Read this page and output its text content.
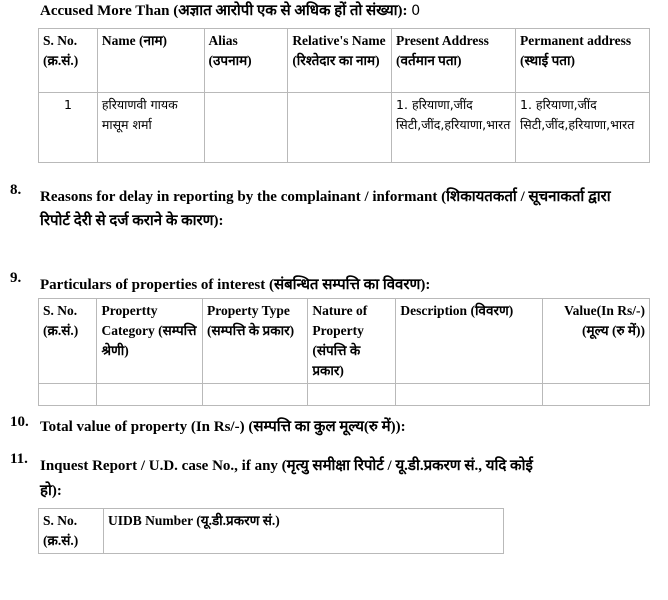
Accused More Than (अज्ञात आरोपी एक से अधिक हों तो संख्या): 0
S. No. (क्र.सं.)	Name (नाम)	Alias (उपनाम)	Relative's Name (रिश्तेदार का नाम)	Present Address (वर्तमान पता)	Permanent address (स्थाई पता)
1	हरियाणवी गायक मासूम शर्मा			1. हरियाणा,जींद सिटी,जींद,हरियाणा,भारत	1. हरियाणा,जींद सिटी,जींद,हरियाणा,भारत
8. Reasons for delay in reporting by the complainant / informant (शिकायतकर्ता / सूचनाकर्ता द्वारा
रिपोर्ट देरी से दर्ज कराने के कारण):
9. Particulars of properties of interest (संबन्धित सम्पत्ति का विवरण):
S. No. (क्र.सं.)	Propertty Category (सम्पत्ति श्रेणी)	Property Type (सम्पत्ति के प्रकार)	Nature of Property (संपत्ति के प्रकार)	Description (विवरण)	Value(In Rs/-) (मूल्य (रु में))

10. Total value of property (In Rs/-) (सम्पत्ति का कुल मूल्य(रु में)):
11. Inquest Report / U.D. case No., if any (मृत्यु समीक्षा रिपोर्ट / यू.डी.प्रकरण सं., यदि कोई
हो):
S. No. (क्र.सं.)	UIDB Number (यू.डी.प्रकरण सं.)
